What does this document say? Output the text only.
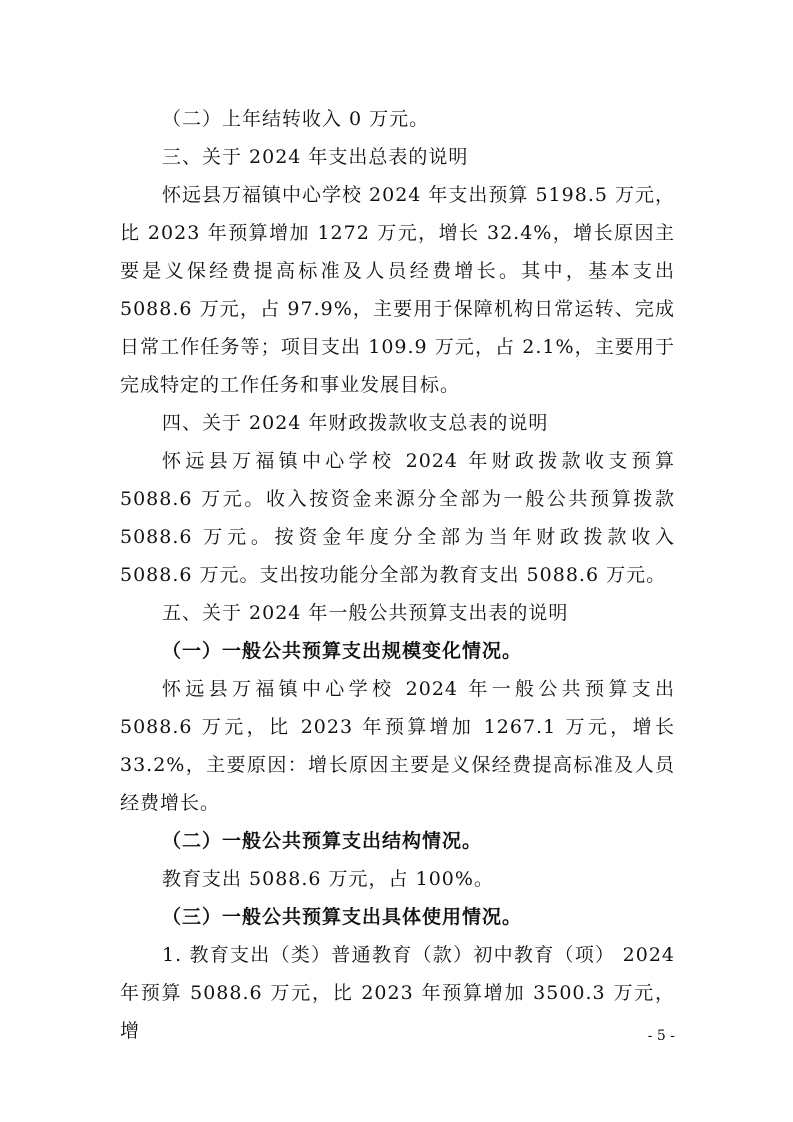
（二）上年结转收入 0 万元。
三、关于 2024 年支出总表的说明
怀远县万福镇中心学校 2024 年支出预算 5198.5 万元，比 2023 年预算增加 1272 万元，增长 32.4%，增长原因主要是义保经费提高标准及人员经费增长。其中，基本支出 5088.6 万元，占 97.9%，主要用于保障机构日常运转、完成日常工作任务等；项目支出 109.9 万元，占 2.1%，主要用于完成特定的工作任务和事业发展目标。
四、关于 2024 年财政拨款收支总表的说明
怀远县万福镇中心学校 2024 年财政拨款收支预算 5088.6 万元。收入按资金来源分全部为一般公共预算拨款 5088.6 万元。按资金年度分全部为当年财政拨款收入 5088.6 万元。支出按功能分全部为教育支出 5088.6 万元。
五、关于 2024 年一般公共预算支出表的说明
（一）一般公共预算支出规模变化情况。
怀远县万福镇中心学校 2024 年一般公共预算支出 5088.6 万元，比 2023 年预算增加 1267.1 万元，增长 33.2%，主要原因：增长原因主要是义保经费提高标准及人员经费增长。
（二）一般公共预算支出结构情况。
教育支出 5088.6 万元，占 100%。
（三）一般公共预算支出具体使用情况。
1. 教育支出（类）普通教育（款）初中教育（项） 2024 年预算 5088.6 万元，比 2023 年预算增加 3500.3 万元，增	- 5 -
